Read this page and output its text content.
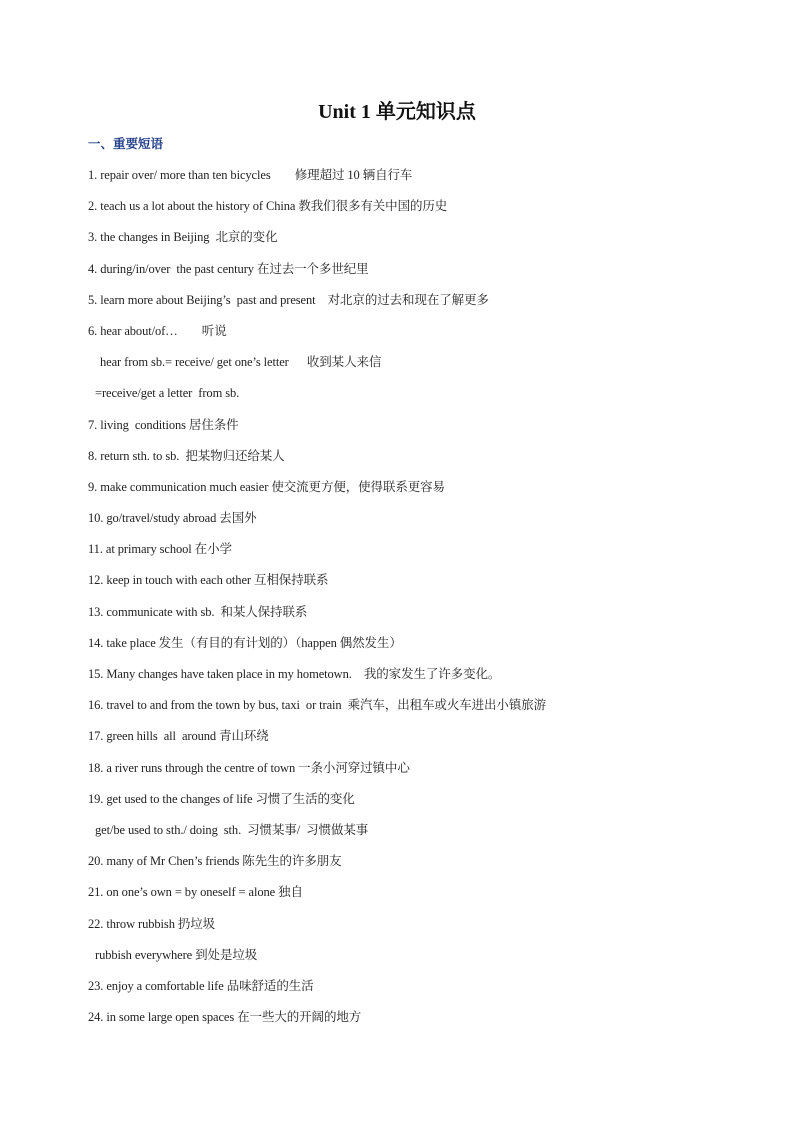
Unit 1 单元知识点
一、重要短语
1. repair over/ more than ten bicycles        修理超过 10 辆自行车
2. teach us a lot about the history of China 教我们很多有关中国的历史
3. the changes in Beijing  北京的变化
4. during/in/over  the past century 在过去一个多世纪里
5. learn more about Beijing’s  past and present    对北京的过去和现在了解更多
6. hear about/of…        听说
hear from sb.= receive/ get one’s letter      收到某人来信
=receive/get a letter  from sb.
7. living  conditions 居住条件
8. return sth. to sb.  把某物归还给某人
9. make communication much easier 使交流更方便，使得联系更容易
10. go/travel/study abroad 去国外
11. at primary school 在小学
12. keep in touch with each other 互相保持联系
13. communicate with sb.  和某人保持联系
14. take place 发生（有目的有计划的）（happen 偶然发生）
15. Many changes have taken place in my hometown.    我的家发生了许多变化。
16. travel to and from the town by bus, taxi  or train  乘汽车，出租车或火车进出小镇旅游
17. green hills  all  around 青山环绕
18. a river runs through the centre of town 一条小河穿过镇中心
19. get used to the changes of life 习惯了生活的变化
get/be used to sth./ doing  sth.  习惯某事/  习惯做某事
20. many of Mr Chen’s friends 陈先生的许多朋友
21. on one’s own = by oneself = alone 独自
22. throw rubbish 扔垃圾
rubbish everywhere 到处是垃圾
23. enjoy a comfortable life 品味舒适的生活
24. in some large open spaces 在一些大的开阔的地方
